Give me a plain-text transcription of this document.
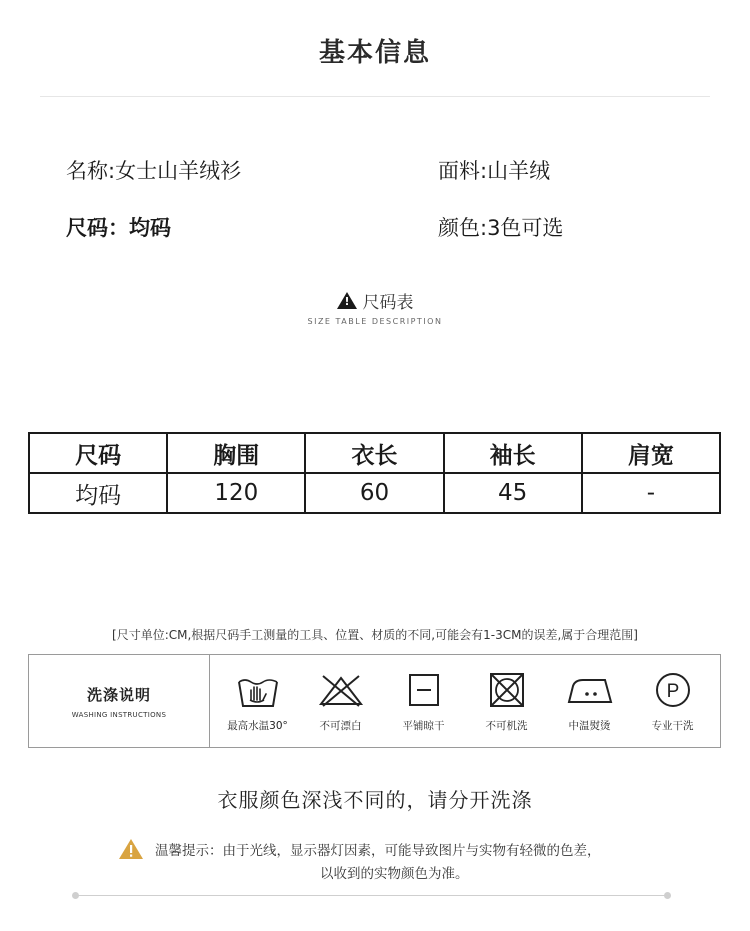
基本信息
名称:女士山羊绒衫	面料:山羊绒
尺码：均码	颜色:3色可选
!
尺码表
SIZE TABLE DESCRIPTION
尺码	胸围	衣长	袖长	肩宽
均码	120	60	45	-
[尺寸单位:CM,根据尺码手工测量的工具、位置、材质的不同,可能会有1-3CM的误差,属于合理范围]
洗涤说明
WASHING INSTRUCTIONS
最高水温30°	不可漂白	平铺晾干	不可机洗	中温熨烫
P
专业干洗
衣服颜色深浅不同的，请分开洗涤
温馨提示：由于光线，显示器灯因素，可能导致图片与实物有轻微的色差，
以收到的实物颜色为准。
